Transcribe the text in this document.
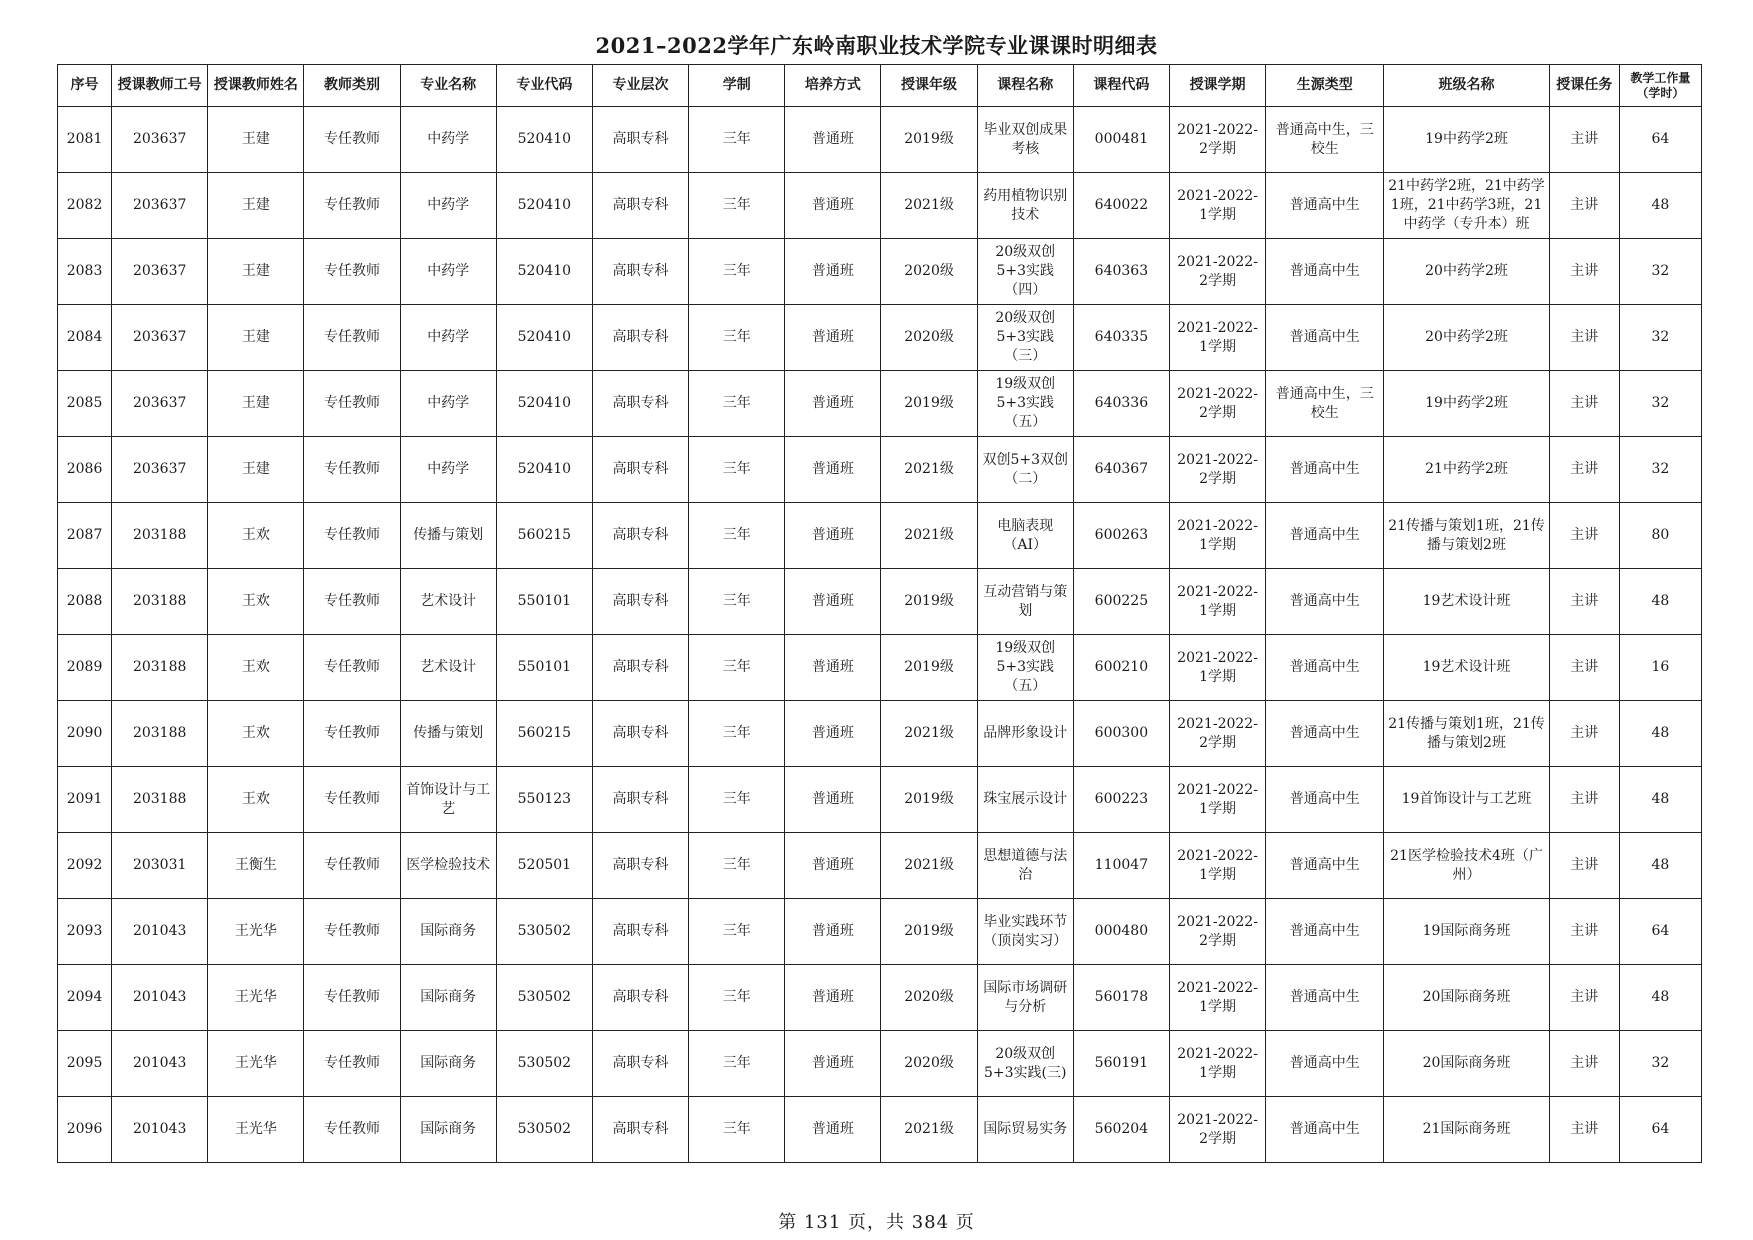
2021–2022学年广东岭南职业技术学院专业课课时明细表
序号	授课教师工号	授课教师姓名	教师类别	专业名称	专业代码	专业层次	学制	培养方式	授课年级	课程名称	课程代码	授课学期	生源类型	班级名称	授课任务	教学工作量（学时）

2081	203637	王建	专任教师	中药学	520410	高职专科	三年	普通班	2019级	毕业双创成果考核	000481	2021-2022-2学期	普通高中生，三校生	19中药学2班	主讲	64

2082	203637	王建	专任教师	中药学	520410	高职专科	三年	普通班	2021级	药用植物识别技术	640022	2021-2022-1学期	普通高中生	21中药学2班，21中药学1班，21中药学3班，21中药学（专升本）班	主讲	48

2083	203637	王建	专任教师	中药学	520410	高职专科	三年	普通班	2020级	20级双创5+3实践（四）	640363	2021-2022-2学期	普通高中生	20中药学2班	主讲	32

2084	203637	王建	专任教师	中药学	520410	高职专科	三年	普通班	2020级	20级双创5+3实践（三）	640335	2021-2022-1学期	普通高中生	20中药学2班	主讲	32

2085	203637	王建	专任教师	中药学	520410	高职专科	三年	普通班	2019级	19级双创5+3实践（五）	640336	2021-2022-2学期	普通高中生，三校生	19中药学2班	主讲	32

2086	203637	王建	专任教师	中药学	520410	高职专科	三年	普通班	2021级	双创5+3双创（二）	640367	2021-2022-2学期	普通高中生	21中药学2班	主讲	32

2087	203188	王欢	专任教师	传播与策划	560215	高职专科	三年	普通班	2021级	电脑表现（AI）	600263	2021-2022-1学期	普通高中生	21传播与策划1班，21传播与策划2班	主讲	80

2088	203188	王欢	专任教师	艺术设计	550101	高职专科	三年	普通班	2019级	互动营销与策划	600225	2021-2022-1学期	普通高中生	19艺术设计班	主讲	48

2089	203188	王欢	专任教师	艺术设计	550101	高职专科	三年	普通班	2019级	19级双创5+3实践（五）	600210	2021-2022-1学期	普通高中生	19艺术设计班	主讲	16

2090	203188	王欢	专任教师	传播与策划	560215	高职专科	三年	普通班	2021级	品牌形象设计	600300	2021-2022-2学期	普通高中生	21传播与策划1班，21传播与策划2班	主讲	48

2091	203188	王欢	专任教师	首饰设计与工艺	550123	高职专科	三年	普通班	2019级	珠宝展示设计	600223	2021-2022-1学期	普通高中生	19首饰设计与工艺班	主讲	48

2092	203031	王衡生	专任教师	医学检验技术	520501	高职专科	三年	普通班	2021级	思想道德与法治	110047	2021-2022-1学期	普通高中生	21医学检验技术4班（广州）	主讲	48

2093	201043	王光华	专任教师	国际商务	530502	高职专科	三年	普通班	2019级	毕业实践环节（顶岗实习）	000480	2021-2022-2学期	普通高中生	19国际商务班	主讲	64

2094	201043	王光华	专任教师	国际商务	530502	高职专科	三年	普通班	2020级	国际市场调研与分析	560178	2021-2022-1学期	普通高中生	20国际商务班	主讲	48

2095	201043	王光华	专任教师	国际商务	530502	高职专科	三年	普通班	2020级	20级双创5+3实践(三)	560191	2021-2022-1学期	普通高中生	20国际商务班	主讲	32

2096	201043	王光华	专任教师	国际商务	530502	高职专科	三年	普通班	2021级	国际贸易实务	560204	2021-2022-2学期	普通高中生	21国际商务班	主讲	64
第 131 页，共 384 页
